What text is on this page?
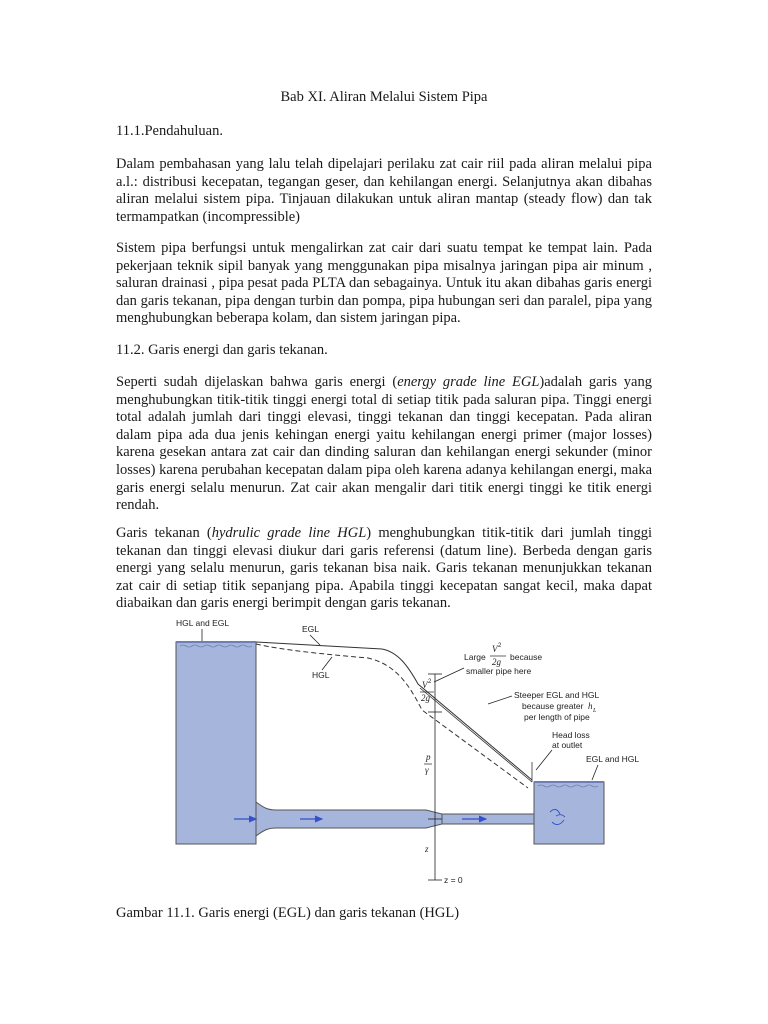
Bab XI. Aliran Melalui Sistem Pipa

11.1.Pendahuluan.

Dalam pembahasan yang lalu telah dipelajari perilaku zat cair riil pada aliran melalui pipa a.l.: distribusi kecepatan, tegangan geser, dan kehilangan energi. Selanjutnya akan dibahas aliran melalui sistem pipa. Tinjauan dilakukan untuk aliran mantap (steady flow) dan tak termampatkan (incompressible)

Sistem pipa berfungsi untuk mengalirkan zat cair dari suatu tempat ke tempat lain. Pada pekerjaan teknik sipil banyak yang menggunakan pipa misalnya jaringan pipa air minum , saluran drainasi , pipa pesat pada PLTA dan sebagainya. Untuk itu akan dibahas garis energi dan garis tekanan, pipa dengan turbin dan pompa, pipa hubungan seri dan paralel, pipa yang menghubungkan beberapa kolam, dan sistem jaringan pipa.

11.2. Garis energi dan garis tekanan.

Seperti sudah dijelaskan bahwa garis energi (energy grade line EGL)adalah garis yang menghubungkan titik-titik tinggi energi total di setiap titik pada saluran pipa. Tinggi energi total adalah jumlah dari tinggi elevasi, tinggi tekanan dan tinggi kecepatan. Pada aliran dalam pipa ada dua jenis kehingan energi yaitu kehilangan energi primer (major losses) karena gesekan antara zat cair dan dinding saluran dan kehilangan energi sekunder (minor losses) karena perubahan kecepatan dalam pipa oleh karena adanya kehilangan energi, maka garis energi selalu menurun. Zat cair akan mengalir dari titik energi tinggi ke titik energi rendah.

Garis tekanan (hydrulic grade line HGL) menghubungkan titik-titik dari jumlah tinggi tekanan dan tinggi elevasi diukur dari garis referensi (datum line). Berbeda dengan garis energi yang selalu menurun, garis tekanan bisa naik. Garis tekanan menunjukkan tekanan zat cair di setiap titik sepanjang pipa. Apabila tinggi kecepatan sangat kecil, maka dapat diabaikan dan garis energi berimpit dengan garis tekanan.

HGL and EGL
EGL
HGL
Large
V 2
2g because
smaller pipe here
Steeper EGL and HGL
because greater h L
per length of pipe
Head loss
at outlet
EGL and HGL
V 2
2g
p
γ
z
z = 0

Gambar 11.1. Garis energi (EGL) dan garis tekanan (HGL)
